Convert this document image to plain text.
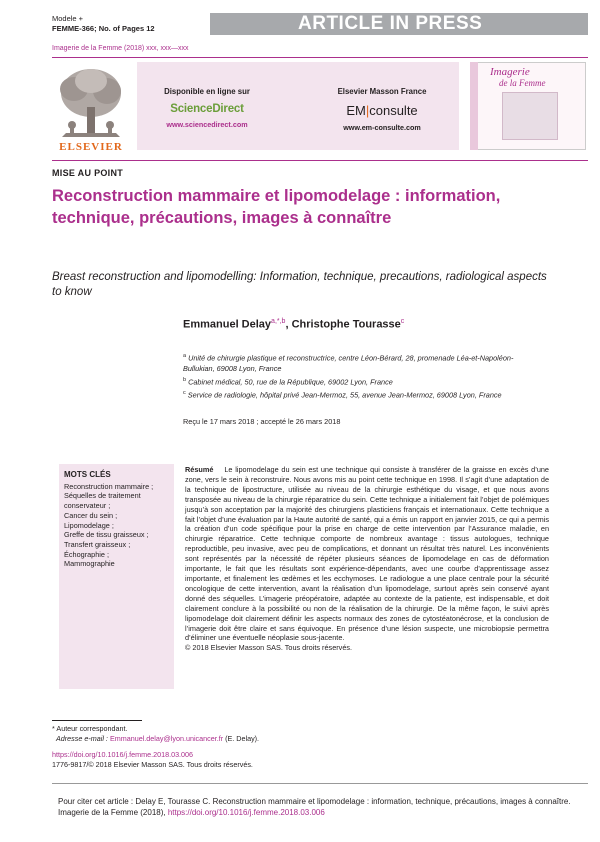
Modele +
FEMME-366; No. of Pages 12	ARTICLE IN PRESS
Imagerie de la Femme (2018) xxx, xxx—xxx
ELSEVIER
Disponible en ligne sur
ScienceDirect
www.sciencedirect.com
Elsevier Masson France
EM|consulte
www.em-consulte.com
Imagerie
de la Femme
MISE AU POINT
Reconstruction mammaire et lipomodelage : information, technique, précautions, images à connaître
Breast reconstruction and lipomodelling: Information, technique, precautions, radiological aspects to know
Emmanuel Delay$^{a,*,b}$, Christophe Tourasse$^c$
$^a$ Unité de chirurgie plastique et reconstructrice, centre Léon-Bérard, 28, promenade Léa-et-Napoléon-Bullukian, 69008 Lyon, France
$^b$ Cabinet médical, 50, rue de la République, 69002 Lyon, France
$^c$ Service de radiologie, hôpital privé Jean-Mermoz, 55, avenue Jean-Mermoz, 69008 Lyon, France
Reçu le 17 mars 2018 ; accepté le 26 mars 2018
MOTS CLÉS
Reconstruction mammaire ;
Séquelles de traitement conservateur ;
Cancer du sein ;
Lipomodelage ;
Greffe de tissu graisseux ;
Transfert graisseux ;
Échographie ;
Mammographie
Résumé Le lipomodelage du sein est une technique qui consiste à transférer de la graisse en excès d’une zone, vers le sein à reconstruire. Nous avons mis au point cette technique en 1998. Il s’agit d’une adaptation de la technique de lipostructure, utilisée au niveau de la chirurgie esthétique du visage, et que nous avons transposée au niveau de la chirurgie réparatrice du sein. Cette technique a initialement fait l’objet de polémiques jusqu’à son acceptation par la majorité des chirurgiens plasticiens français et internationaux. Cette technique a fait l’objet d’une évaluation par la Haute autorité de santé, qui a émis un rapport en janvier 2015, ce qui a permis la création d’un code spécifique pour la prise en charge de cette intervention par l’Assurance maladie, en chirurgie réparatrice. Cette technique comporte de nombreux avantage : tissus autologues, technique reproductible, peu invasive, avec peu de complications, et donnant un résultat très naturel. Les inconvénients sont représentés par la nécessité de répéter plusieurs séances de lipomodelage en cas de déformation importante, le fait que les résultats sont expérience-dépendants, avec une courbe d’apprentissage assez importante, et finalement les œdèmes et les ecchymoses. Le radiologue a une place centrale pour la sécurité oncologique de cette intervention, avant la réalisation d’un lipomodelage, surtout après sein conservé ayant donné des séquelles. L’imagerie préopératoire, adaptée au contexte de la patiente, est indispensable, et doit clairement conclure à la possibilité ou non de la réalisation de la chirurgie. De la même façon, le suivi après lipomodelage doit clairement définir les aspects normaux des zones de cytostéatonécrose, et la conclusion de l’imagerie doit être claire et sans équivoque. En présence d’une lésion suspecte, une microbiopsie permettra d’éliminer une éventuelle néoplasie sous-jacente.
© 2018 Elsevier Masson SAS. Tous droits réservés.
* Auteur correspondant.
Adresse e-mail : Emmanuel.delay@lyon.unicancer.fr (E. Delay).
https://doi.org/10.1016/j.femme.2018.03.006
1776-9817/© 2018 Elsevier Masson SAS. Tous droits réservés.
Pour citer cet article : Delay E, Tourasse C. Reconstruction mammaire et lipomodelage : information, technique, précautions, images à connaître. Imagerie de la Femme (2018), https://doi.org/10.1016/j.femme.2018.03.006
